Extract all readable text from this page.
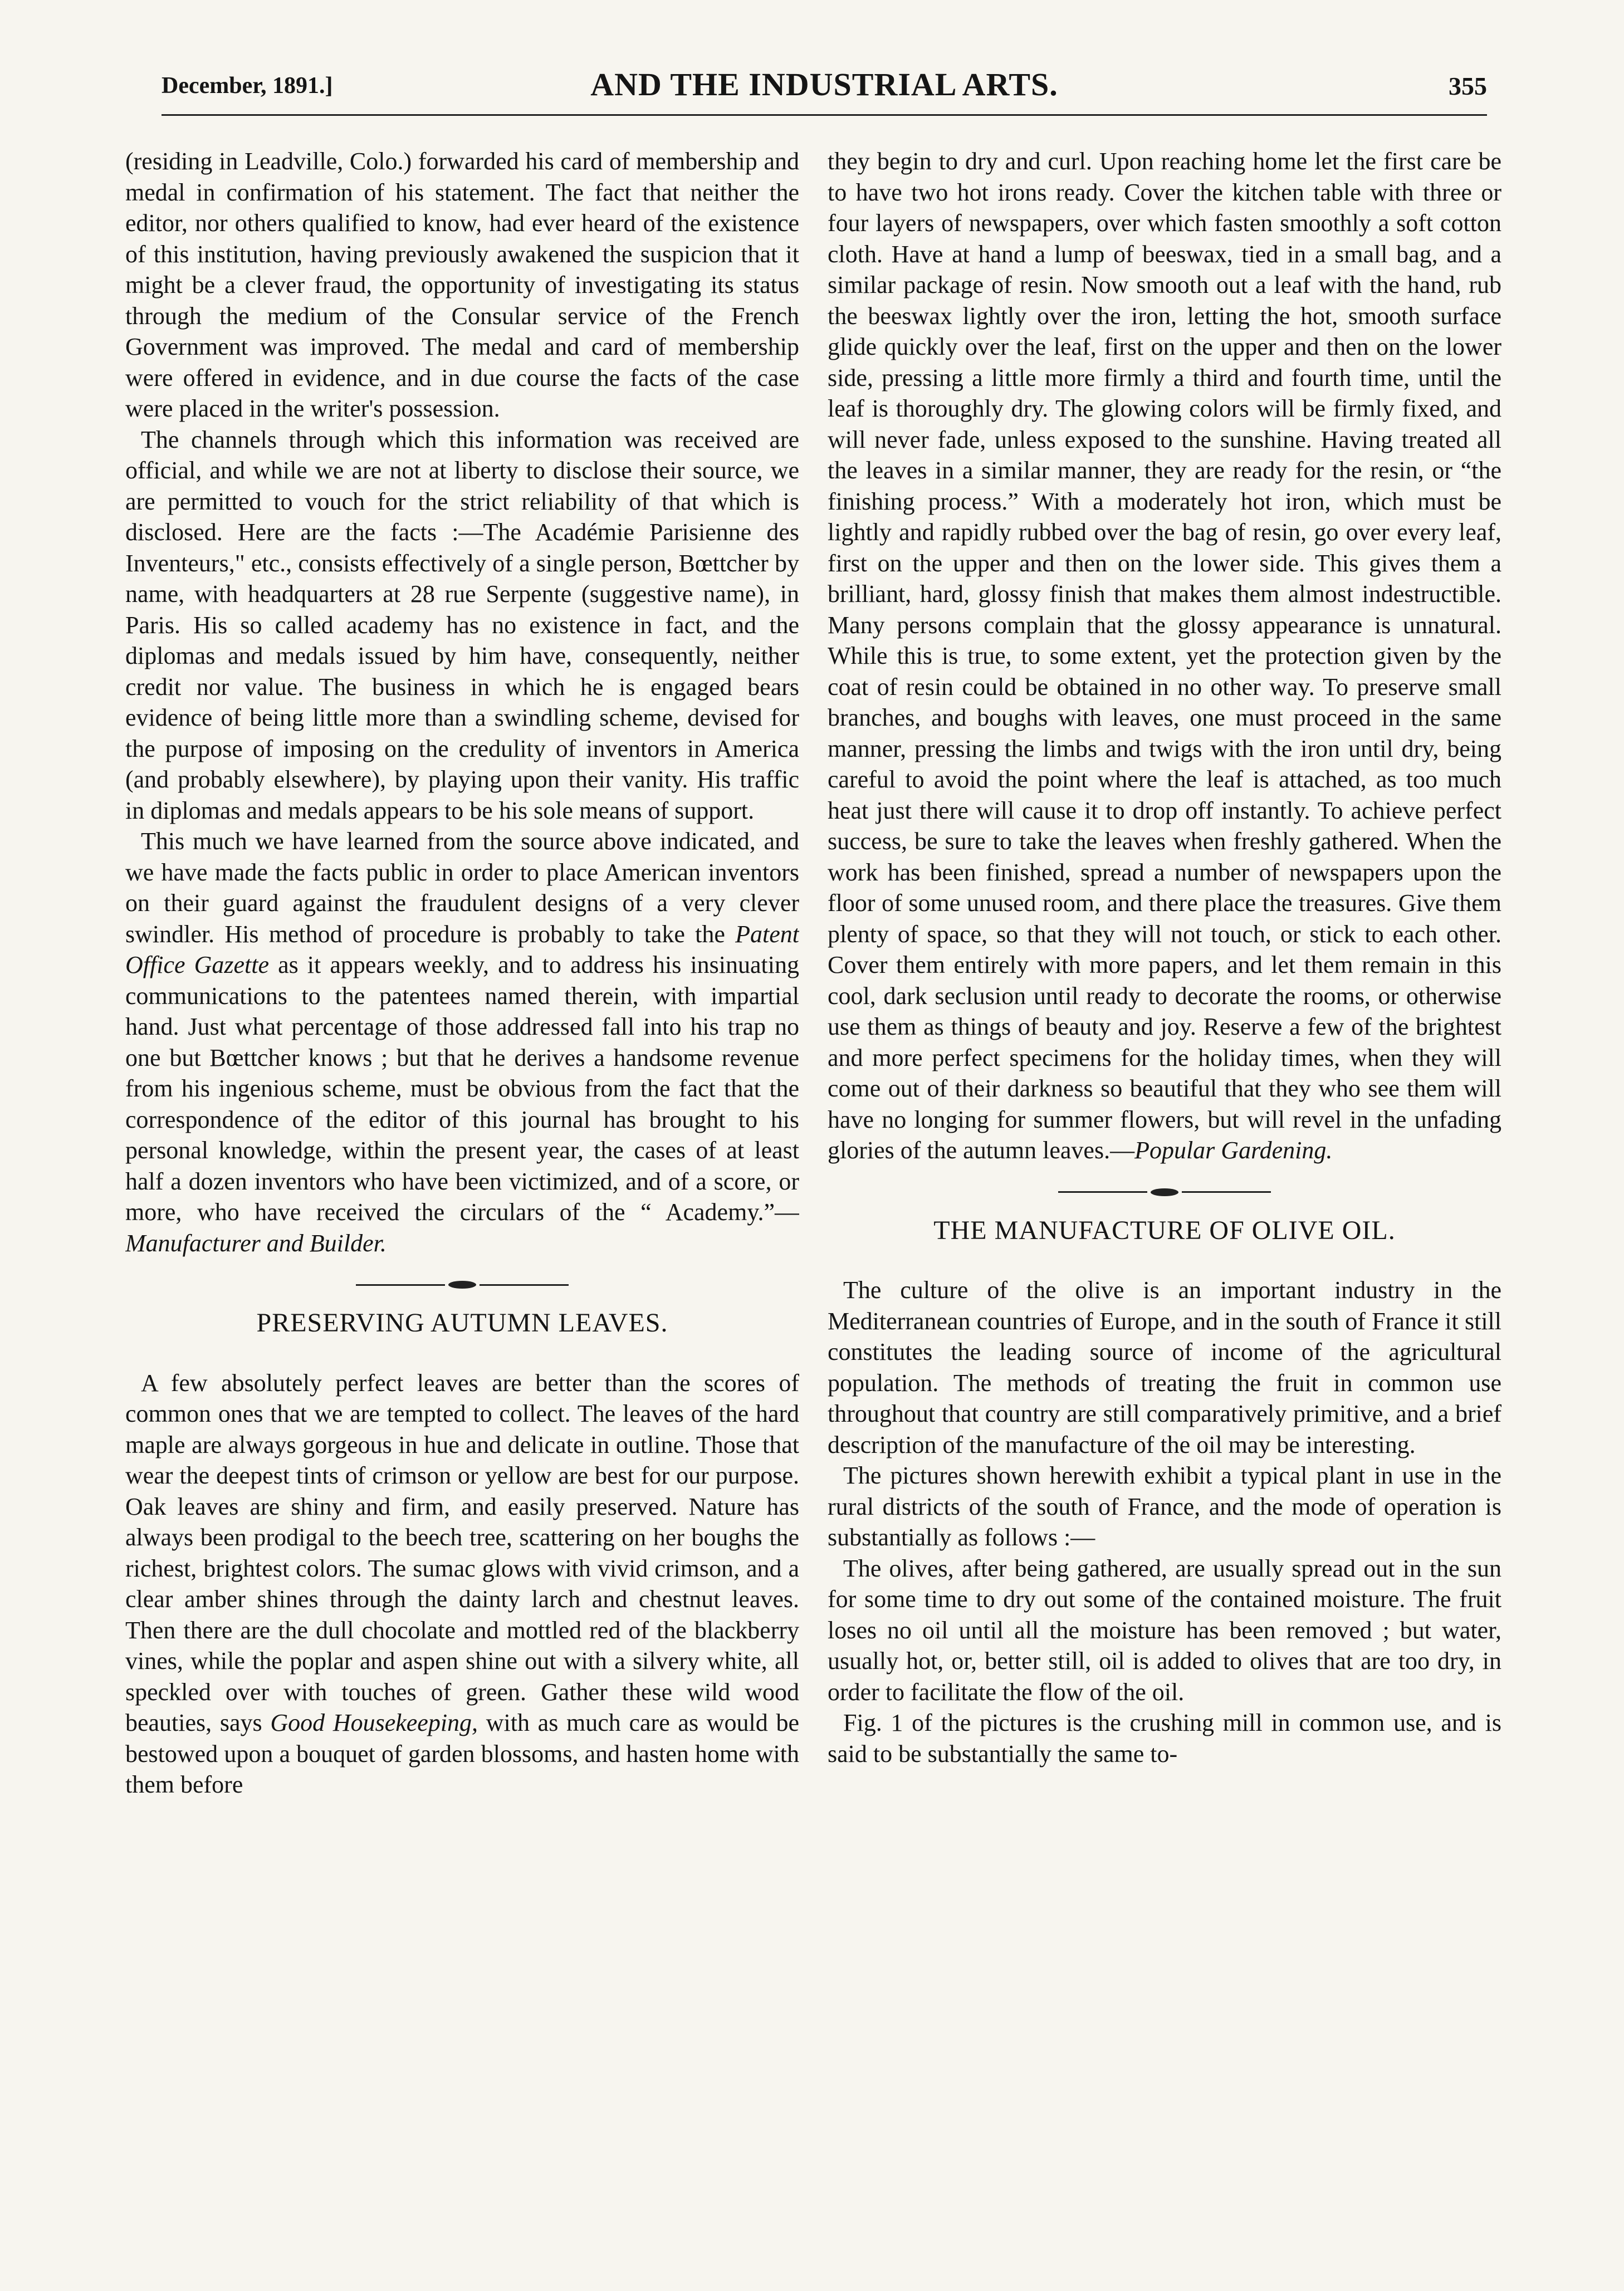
December, 1891.]	AND THE INDUSTRIAL ARTS.	355

(residing in Leadville, Colo.) forwarded his card of membership and medal in confirmation of his statement. The fact that neither the editor, nor others qualified to know, had ever heard of the existence of this institution, having previously awakened the suspicion that it might be a clever fraud, the opportunity of investigating its status through the medium of the Consular service of the French Government was improved. The medal and card of membership were offered in evidence, and in due course the facts of the case were placed in the writer's possession.

The channels through which this information was received are official, and while we are not at liberty to disclose their source, we are permitted to vouch for the strict reliability of that which is disclosed. Here are the facts :—The Académie Parisienne des Inventeurs," etc., consists effectively of a single person, Bœttcher by name, with headquarters at 28 rue Serpente (suggestive name), in Paris. His so called academy has no existence in fact, and the diplomas and medals issued by him have, consequently, neither credit nor value. The business in which he is engaged bears evidence of being little more than a swindling scheme, devised for the purpose of imposing on the credulity of inventors in America (and probably elsewhere), by playing upon their vanity. His traffic in diplomas and medals appears to be his sole means of support.

This much we have learned from the source above indicated, and we have made the facts public in order to place American inventors on their guard against the fraudulent designs of a very clever swindler. His method of procedure is probably to take the Patent Office Gazette as it appears weekly, and to address his insinuating communications to the patentees named therein, with impartial hand. Just what percentage of those addressed fall into his trap no one but Bœttcher knows ; but that he derives a handsome revenue from his ingenious scheme, must be obvious from the fact that the correspondence of the editor of this journal has brought to his personal knowledge, within the present year, the cases of at least half a dozen inventors who have been victimized, and of a score, or more, who have received the circulars of the “ Academy.”—Manufacturer and Builder.

PRESERVING AUTUMN LEAVES.

A few absolutely perfect leaves are better than the scores of common ones that we are tempted to collect. The leaves of the hard maple are always gorgeous in hue and delicate in outline. Those that wear the deepest tints of crimson or yellow are best for our purpose. Oak leaves are shiny and firm, and easily preserved. Nature has always been prodigal to the beech tree, scattering on her boughs the richest, brightest colors. The sumac glows with vivid crimson, and a clear amber shines through the dainty larch and chestnut leaves. Then there are the dull chocolate and mottled red of the blackberry vines, while the poplar and aspen shine out with a silvery white, all speckled over with touches of green. Gather these wild wood beauties, says Good Housekeeping, with as much care as would be bestowed upon a bouquet of garden blossoms, and hasten home with them before

they begin to dry and curl. Upon reaching home let the first care be to have two hot irons ready. Cover the kitchen table with three or four layers of newspapers, over which fasten smoothly a soft cotton cloth. Have at hand a lump of beeswax, tied in a small bag, and a similar package of resin. Now smooth out a leaf with the hand, rub the beeswax lightly over the iron, letting the hot, smooth surface glide quickly over the leaf, first on the upper and then on the lower side, pressing a little more firmly a third and fourth time, until the leaf is thoroughly dry. The glowing colors will be firmly fixed, and will never fade, unless exposed to the sunshine. Having treated all the leaves in a similar manner, they are ready for the resin, or “the finishing process.” With a moderately hot iron, which must be lightly and rapidly rubbed over the bag of resin, go over every leaf, first on the upper and then on the lower side. This gives them a brilliant, hard, glossy finish that makes them almost indestructible. Many persons complain that the glossy appearance is unnatural. While this is true, to some extent, yet the protection given by the coat of resin could be obtained in no other way. To preserve small branches, and boughs with leaves, one must proceed in the same manner, pressing the limbs and twigs with the iron until dry, being careful to avoid the point where the leaf is attached, as too much heat just there will cause it to drop off instantly. To achieve perfect success, be sure to take the leaves when freshly gathered. When the work has been finished, spread a number of newspapers upon the floor of some unused room, and there place the treasures. Give them plenty of space, so that they will not touch, or stick to each other. Cover them entirely with more papers, and let them remain in this cool, dark seclusion until ready to decorate the rooms, or otherwise use them as things of beauty and joy. Reserve a few of the brightest and more perfect specimens for the holiday times, when they will come out of their darkness so beautiful that they who see them will have no longing for summer flowers, but will revel in the unfading glories of the autumn leaves.—Popular Gardening.

THE MANUFACTURE OF OLIVE OIL.

The culture of the olive is an important industry in the Mediterranean countries of Europe, and in the south of France it still constitutes the leading source of income of the agricultural population. The methods of treating the fruit in common use throughout that country are still comparatively primitive, and a brief description of the manufacture of the oil may be interesting.

The pictures shown herewith exhibit a typical plant in use in the rural districts of the south of France, and the mode of operation is substantially as follows :—

The olives, after being gathered, are usually spread out in the sun for some time to dry out some of the contained moisture. The fruit loses no oil until all the moisture has been removed ; but water, usually hot, or, better still, oil is added to olives that are too dry, in order to facilitate the flow of the oil.

Fig. 1 of the pictures is the crushing mill in common use, and is said to be substantially the same to-
